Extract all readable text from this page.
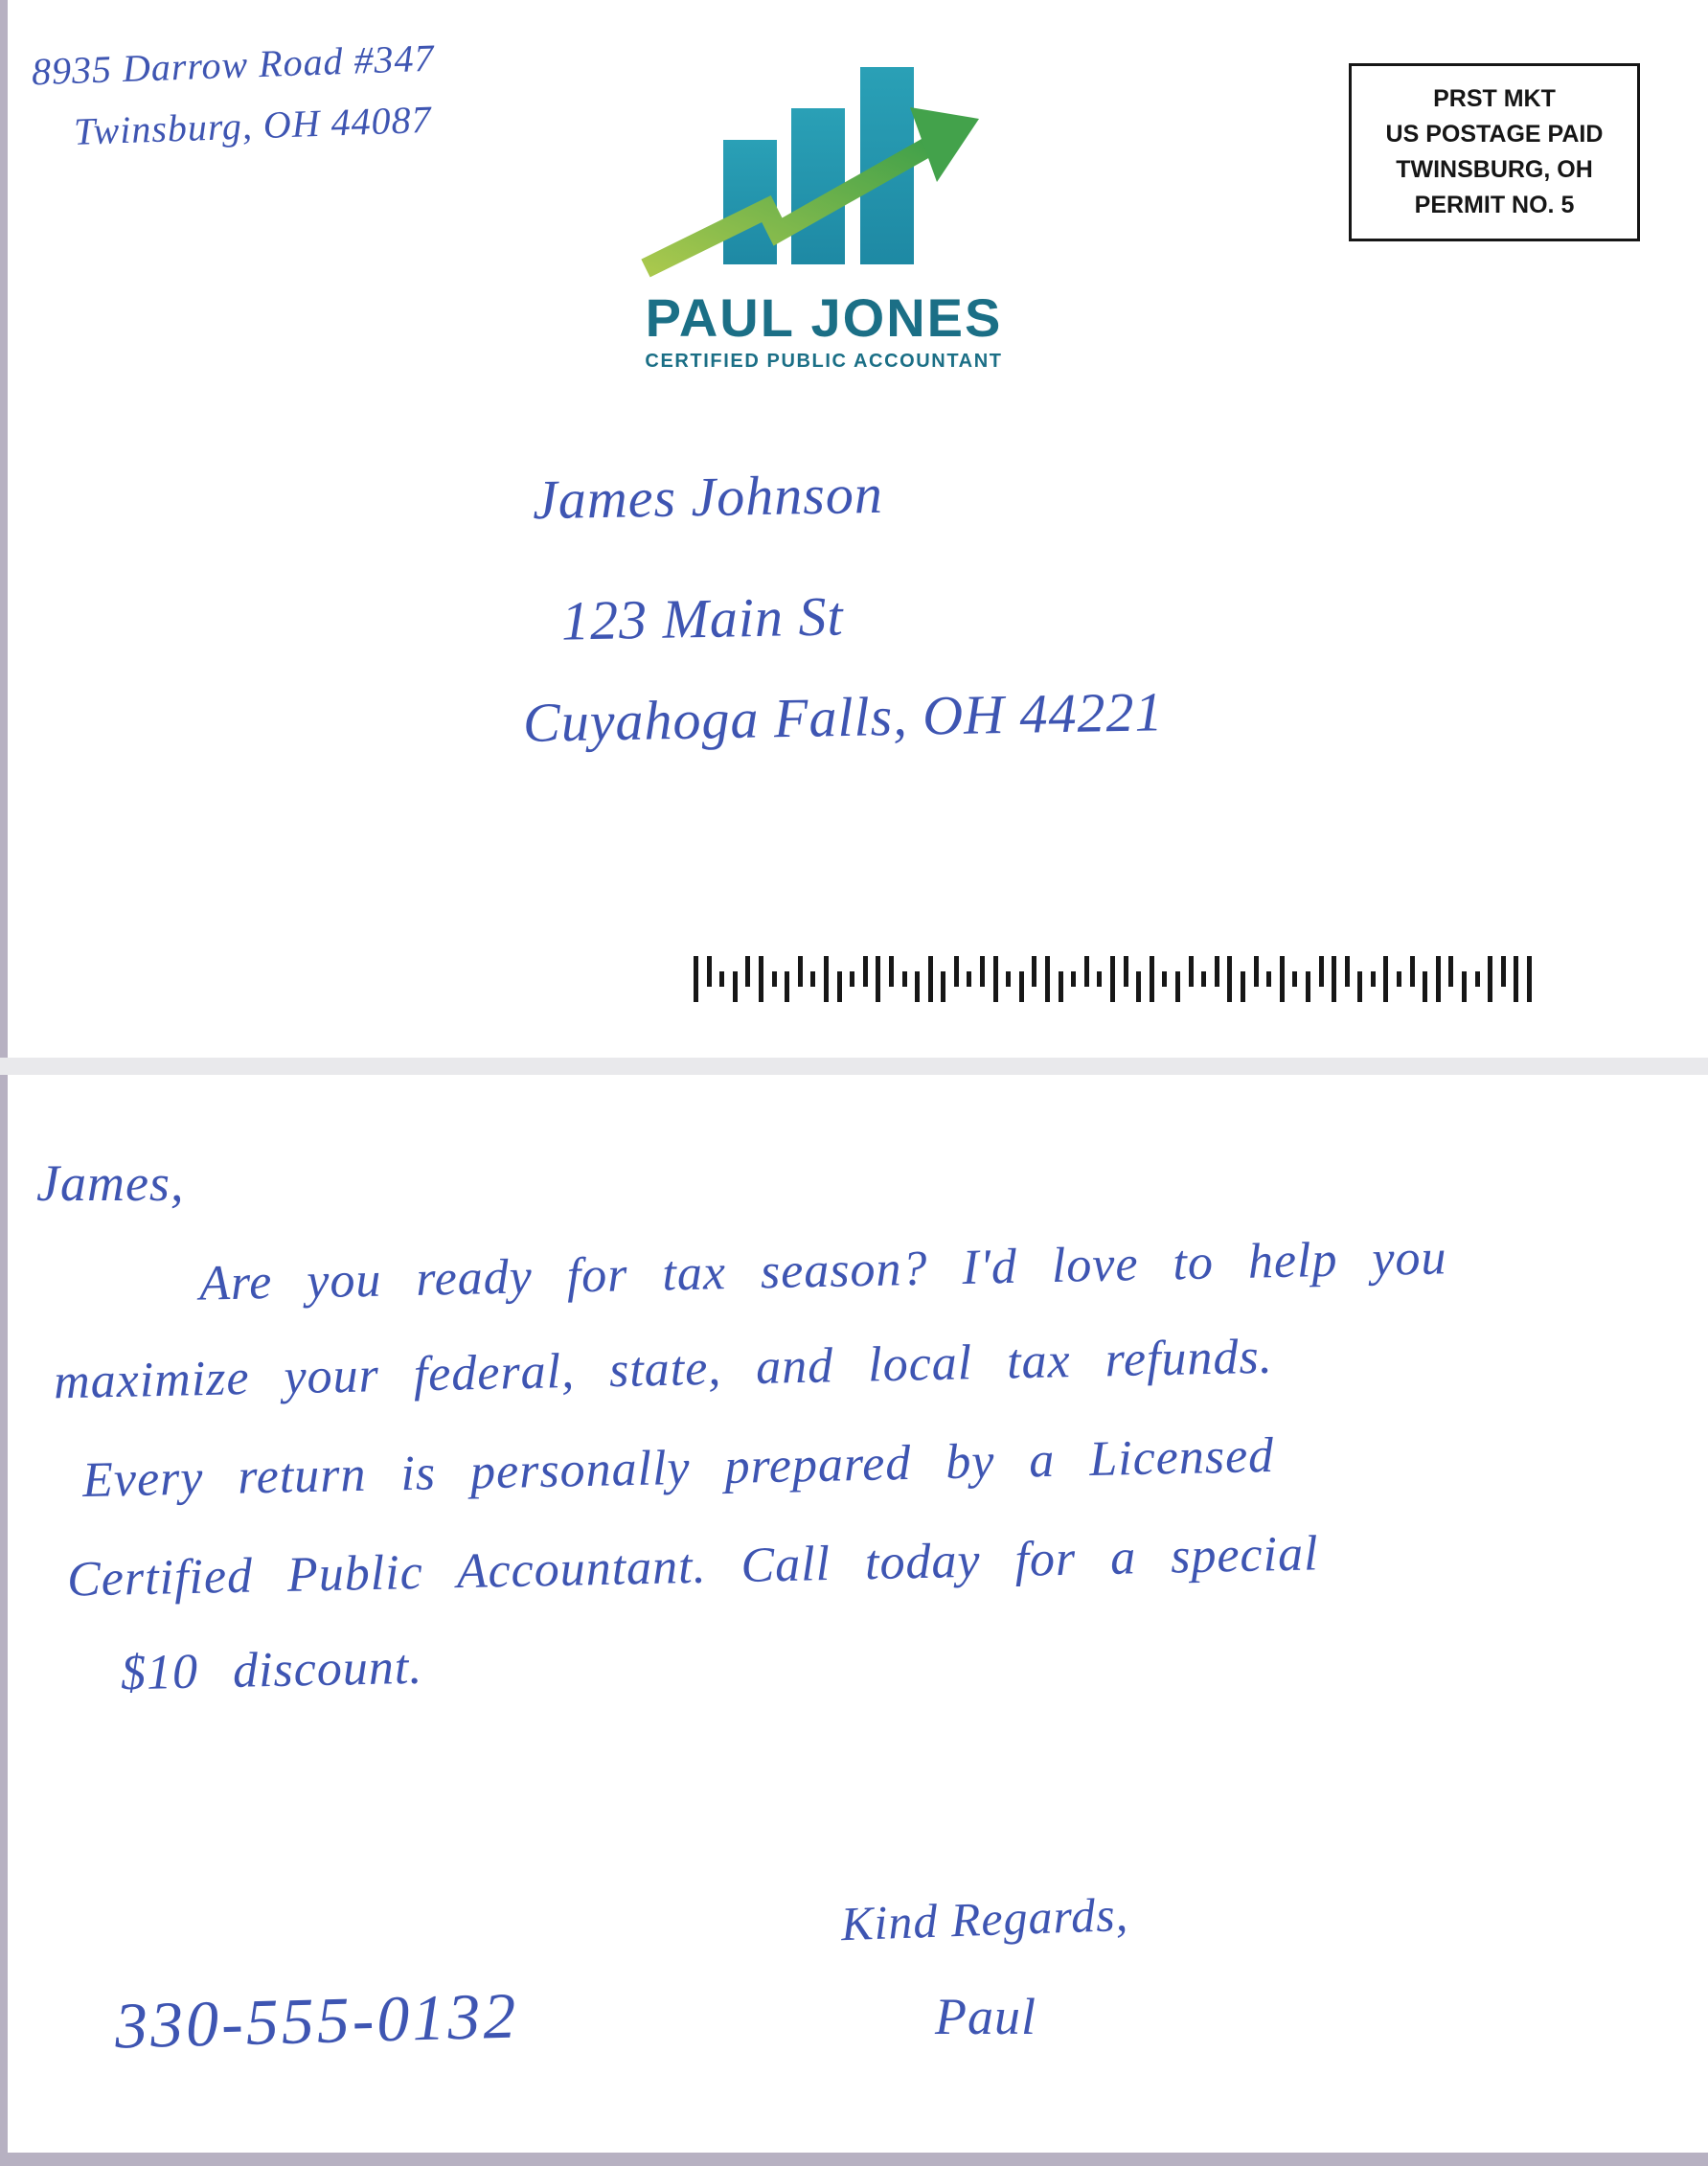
8935 Darrow Road #347
Twinsburg, OH 44087
PAUL JONES
CERTIFIED PUBLIC ACCOUNTANT
PRST MKT
US POSTAGE PAID
TWINSBURG, OH
PERMIT NO. 5
James Johnson
123 Main St
Cuyahoga Falls, OH 44221
James,
Are you ready for tax season? I'd love to help you
maximize your federal, state, and local tax refunds.
Every return is personally prepared by a Licensed
Certified Public Accountant. Call today for a special
$10 discount.
Kind Regards,
Paul
330-555-0132
